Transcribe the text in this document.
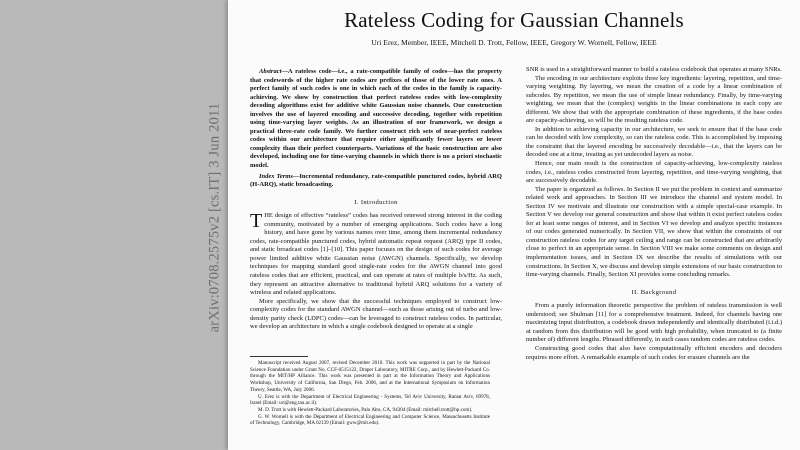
arXiv:0708.2575v2 [cs.IT] 3 Jun 2011
Rateless Coding for Gaussian Channels
Uri Erez, Member, IEEE, Mitchell D. Trott, Fellow, IEEE, Gregory W. Wornell, Fellow, IEEE

Abstract—A rateless code—i.e., a rate-compatible family of codes—has the property that codewords of the higher rate codes are prefixes of those of the lower rate ones. A perfect family of such codes is one in which each of the codes in the family is capacity-achieving. We show by construction that perfect rateless codes with low-complexity decoding algorithms exist for additive white Gaussian noise channels. Our construction involves the use of layered encoding and successive decoding, together with repetition using time-varying layer weights. As an illustration of our framework, we design a practical three-rate code family. We further construct rich sets of near-perfect rateless codes within our architecture that require either significantly fewer layers or lower complexity than their perfect counterparts. Variations of the basic construction are also developed, including one for time-varying channels in which there is no a priori stochastic model.

Index Terms—Incremental redundancy, rate-compatible punctured codes, hybrid ARQ (H-ARQ), static broadcasting.

I. Introduction

THE design of effective “rateless” codes has received renewed strong interest in the coding community, motivated by a number of emerging applications. Such codes have a long history, and have gone by various names over time, among them incremental redundancy codes, rate-compatible punctured codes, hybrid automatic repeat request (ARQ) type II codes, and static broadcast codes [1]–[10]. This paper focuses on the design of such codes for average power limited additive white Gaussian noise (AWGN) channels. Specifically, we develop techniques for mapping standard good single-rate codes for the AWGN channel into good rateless codes that are efficient, practical, and can operate at rates of multiple b/s/Hz. As such, they represent an attractive alternative to traditional hybrid ARQ solutions for a variety of wireless and related applications.

More specifically, we show that the successful techniques employed to construct low-complexity codes for the standard AWGN channel—such as those arising out of turbo and low-density parity check (LDPC) codes—can be leveraged to construct rateless codes. In particular, we develop an architecture in which a single codebook designed to operate at a single

Manuscript received August 2007, revised December 2010. This work was supported in part by the National Science Foundation under Grant No. CCF-0515122, Draper Laboratory, MITRE Corp., and by Hewlett-Packard Co. through the MIT/HP Alliance. This work was presented in part at the Information Theory and Applications Workshop, University of California, San Diego, Feb. 2006, and at the International Symposium on Information Theory, Seattle, WA, July 2006.

U. Erez is with the Department of Electrical Engineering - Systems, Tel Aviv University, Ramat Aviv, 69978, Israel (Email: uri@eng.tau.ac.il).

M. D. Trott is with Hewlett-Packard Laboratories, Palo Alto, CA, 94304 (Email: mitchell.trott@hp.com).

G. W. Wornell is with the Department of Electrical Engineering and Computer Science, Massachusetts Institute of Technology, Cambridge, MA 02139 (Email: gww@mit.edu).

SNR is used in a straightforward manner to build a rateless codebook that operates at many SNRs.

The encoding in our architecture exploits three key ingredients: layering, repetition, and time-varying weighting. By layering, we mean the creation of a code by a linear combination of subcodes. By repetition, we mean the use of simple linear redundancy. Finally, by time-varying weighting, we mean that the (complex) weights in the linear combinations in each copy are different. We show that with the appropriate combination of these ingredients, if the base codes are capacity-achieving, so will be the resulting rateless code.

In addition to achieving capacity in our architecture, we seek to ensure that if the base code can be decoded with low complexity, so can the rateless code. This is accomplished by imposing the constraint that the layered encoding be successively decodable—i.e., that the layers can be decoded one at a time, treating as yet undecoded layers as noise.

Hence, our main result is the construction of capacity-achieving, low-complexity rateless codes, i.e., rateless codes constructed from layering, repetition, and time-varying weighting, that are successively decodable.

The paper is organized as follows. In Section II we put the problem in context and summarize related work and approaches. In Section III we introduce the channel and system model. In Section IV we motivate and illustrate our construction with a simple special-case example. In Section V we develop our general construction and show that within it exist perfect rateless codes for at least some ranges of interest, and in Section VI we develop and analyze specific instances of our codes generated numerically. In Section VII, we show that within the constraints of our construction rateless codes for any target ceiling and range can be constructed that are arbitrarily close to perfect in an appropriate sense. In Section VIII we make some comments on design and implementation issues, and in Section IX we describe the results of simulations with our constructions. In Section X, we discuss and develop simple extensions of our basic construction to time-varying channels. Finally, Section XI provides some concluding remarks.

II. Background

From a purely information theoretic perspective the problem of rateless transmission is well understood; see Shulman [11] for a comprehensive treatment. Indeed, for channels having one maximizing input distribution, a codebook drawn independently and identically distributed (i.i.d.) at random from this distribution will be good with high probability, when truncated to (a finite number of) different lengths. Phrased differently, in such cases random codes are rateless codes.

Constructing good codes that also have computationally efficient encoders and decoders requires more effort. A remarkable example of such codes for erasure channels are the
